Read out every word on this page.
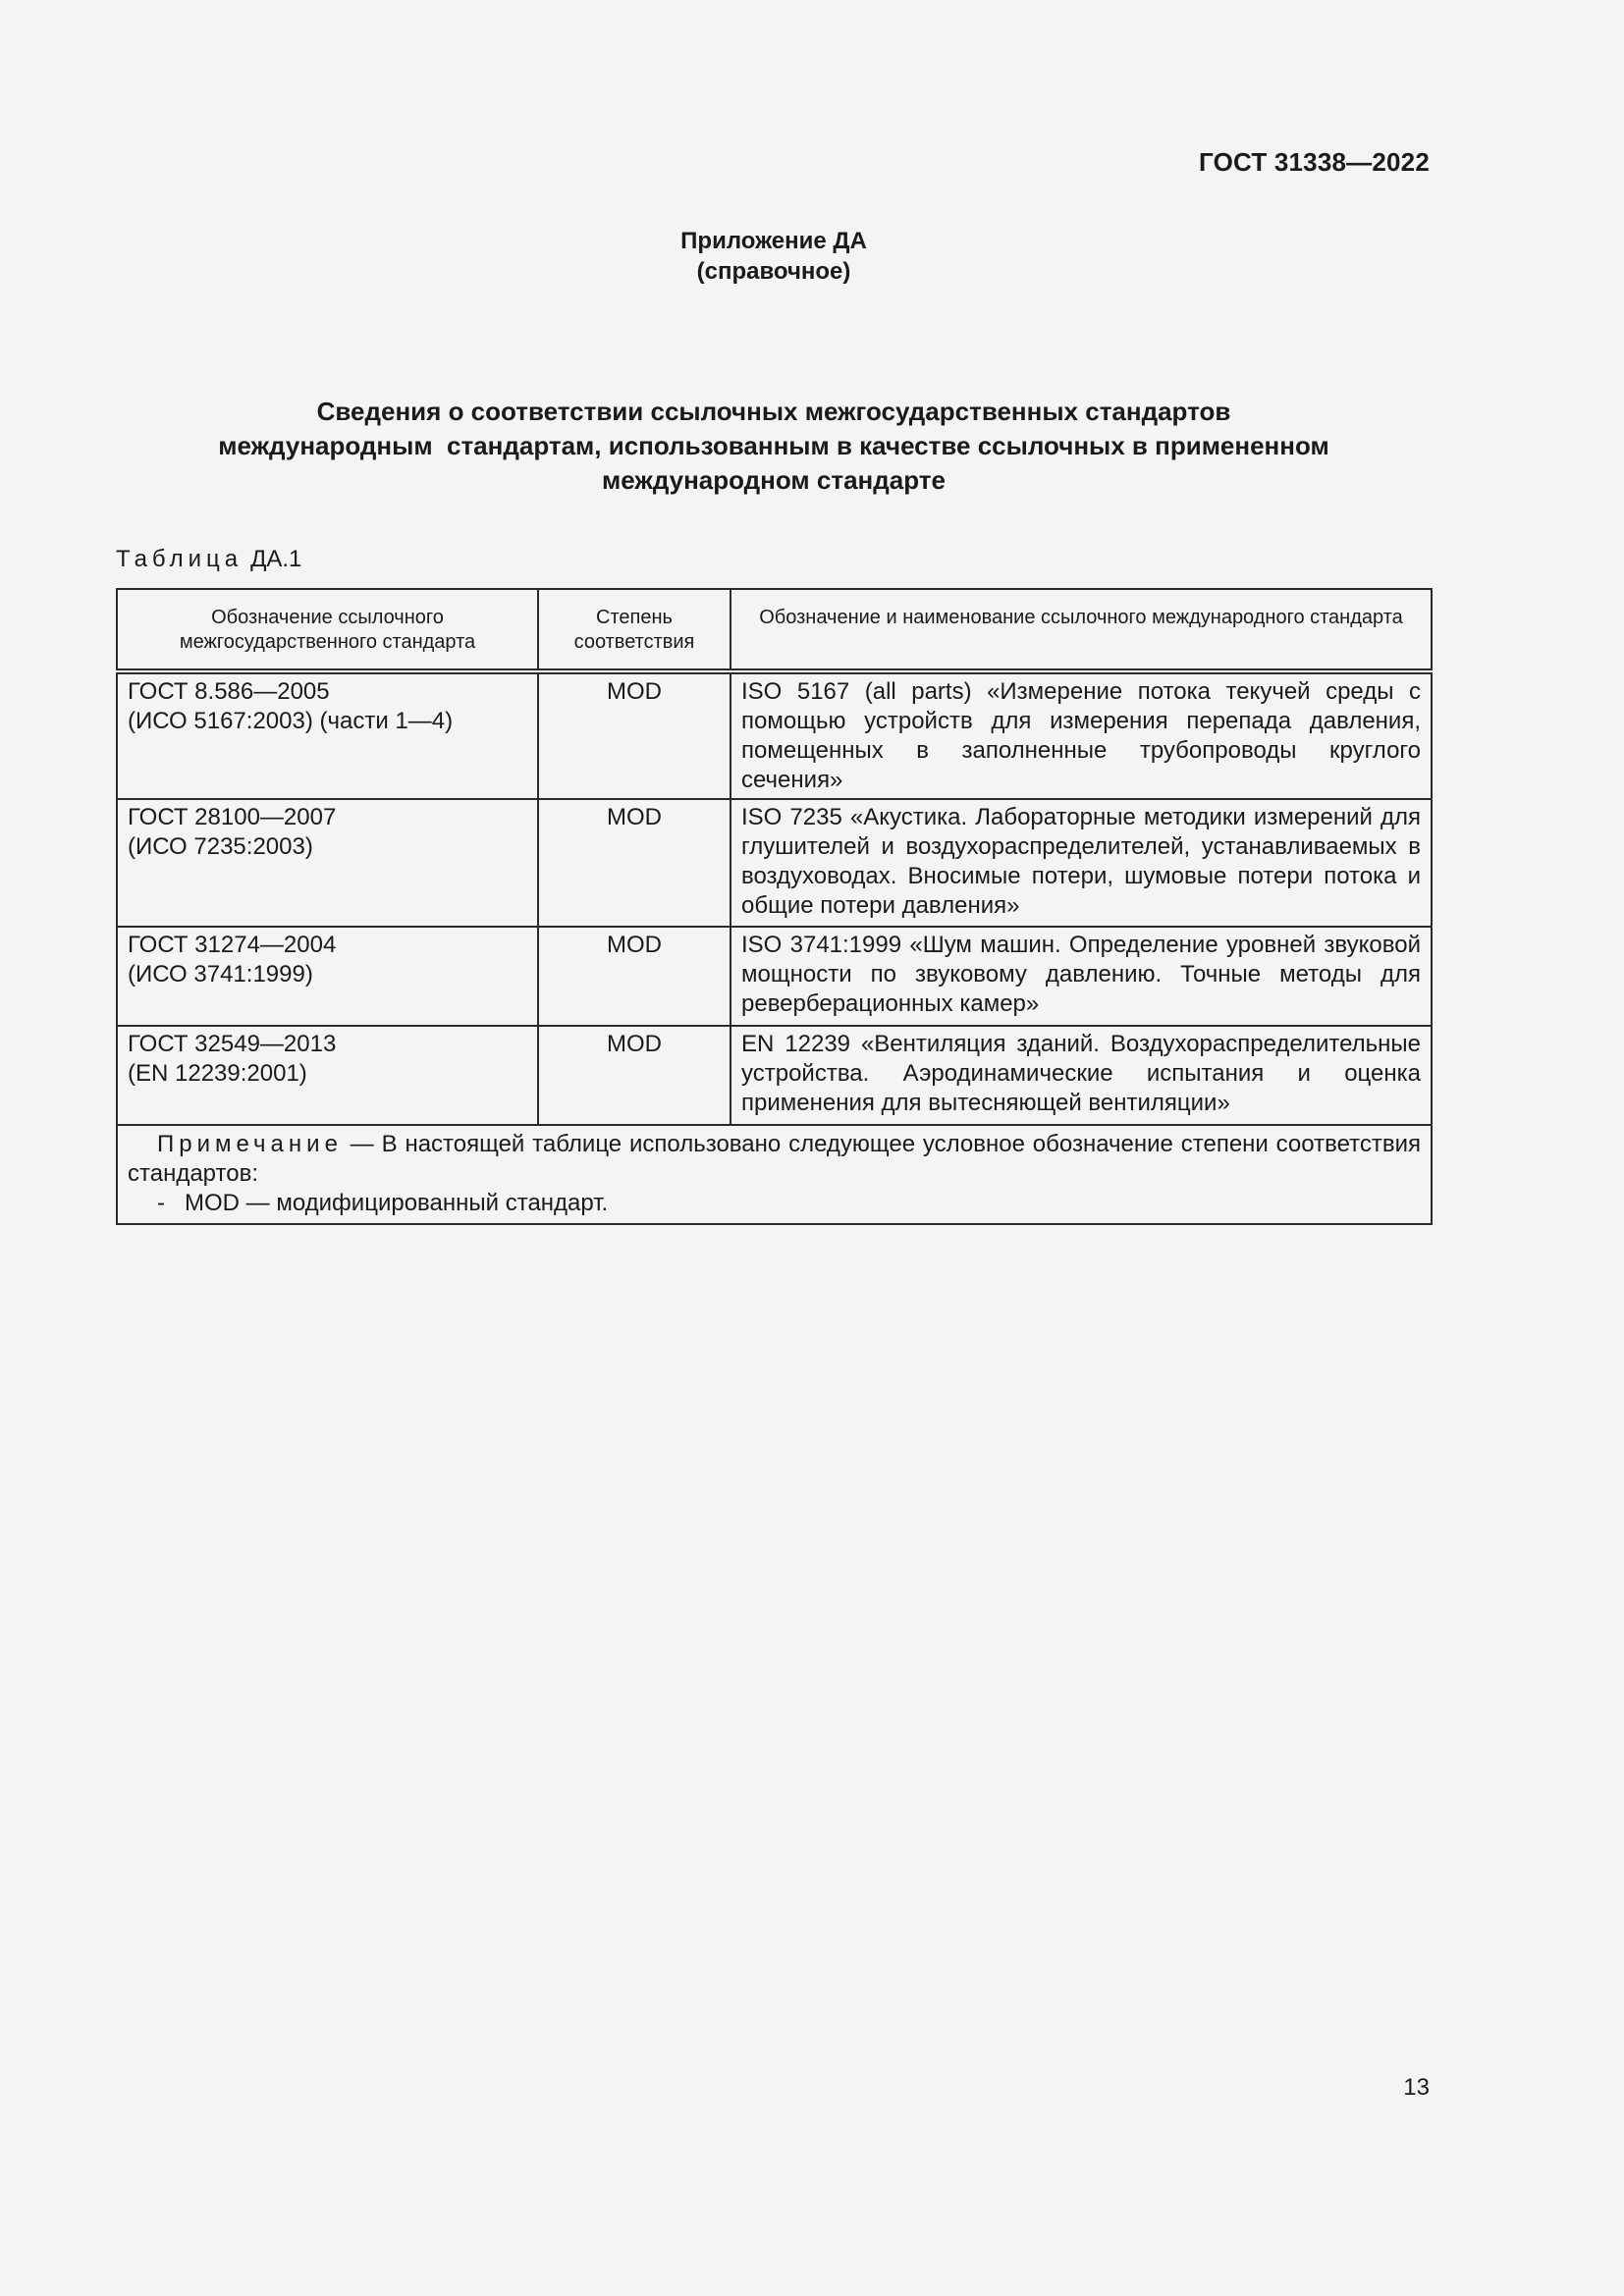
ГОСТ 31338—2022
Приложение ДА
(справочное)
Сведения о соответствии ссылочных межгосударственных стандартов
международным  стандартам, использованным в качестве ссылочных в примененном
международном стандарте
Таблица ДА.1
Обозначение ссылочного межгосударственного стандарта	Степень соответствия	Обозначение и наименование ссылочного международного стандарта

ГОСТ 8.586—2005
(ИСО 5167:2003) (части 1—4)	MOD	ISO 5167 (all parts) «Измерение потока текучей среды с помощью устройств для измерения перепада давления, помещенных в заполненные трубопроводы круглого сечения»

ГОСТ 28100—2007
(ИСО 7235:2003)	MOD	ISO 7235 «Акустика. Лабораторные методики измерений для глушителей и воздухораспределителей, устанавливаемых в воздуховодах. Вносимые потери, шумовые потери потока и общие потери давления»

ГОСТ 31274—2004
(ИСО 3741:1999)	MOD	ISO 3741:1999 «Шум машин. Определение уровней звуковой мощности по звуковому давлению. Точные методы для реверберационных камер»

ГОСТ 32549—2013
(EN 12239:2001)	MOD	EN 12239 «Вентиляция зданий. Воздухораспределительные устройства. Аэродинамические испытания и оценка применения для вытесняющей вентиляции»

Примечание — В настоящей таблице использовано следующее условное обозначение степени соответствия стандартов:
-   MOD — модифицированный стандарт.		
13
